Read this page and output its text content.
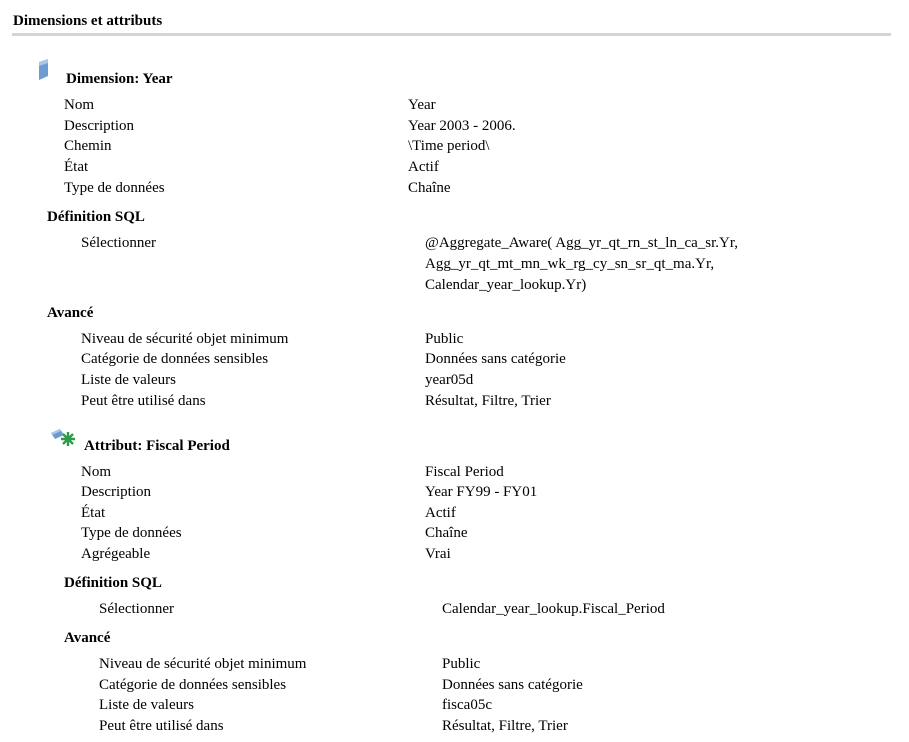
Dimensions et attributs
Dimension: Year
Nom	Year
Description	Year 2003 - 2006.
Chemin	\Time period\
État	Actif
Type de données	Chaîne
Définition SQL
Sélectionner	@Aggregate_Aware( Agg_yr_qt_rn_st_ln_ca_sr.Yr,
Agg_yr_qt_mt_mn_wk_rg_cy_sn_sr_qt_ma.Yr,
Calendar_year_lookup.Yr)
Avancé
Niveau de sécurité objet minimum	Public
Catégorie de données sensibles	Données sans catégorie
Liste de valeurs	year05d
Peut être utilisé dans	Résultat, Filtre, Trier
Attribut: Fiscal Period
Nom	Fiscal Period
Description	Year FY99 - FY01
État	Actif
Type de données	Chaîne
Agrégeable	Vrai
Définition SQL
Sélectionner	Calendar_year_lookup.Fiscal_Period
Avancé
Niveau de sécurité objet minimum	Public
Catégorie de données sensibles	Données sans catégorie
Liste de valeurs	fisca05c
Peut être utilisé dans	Résultat, Filtre, Trier
